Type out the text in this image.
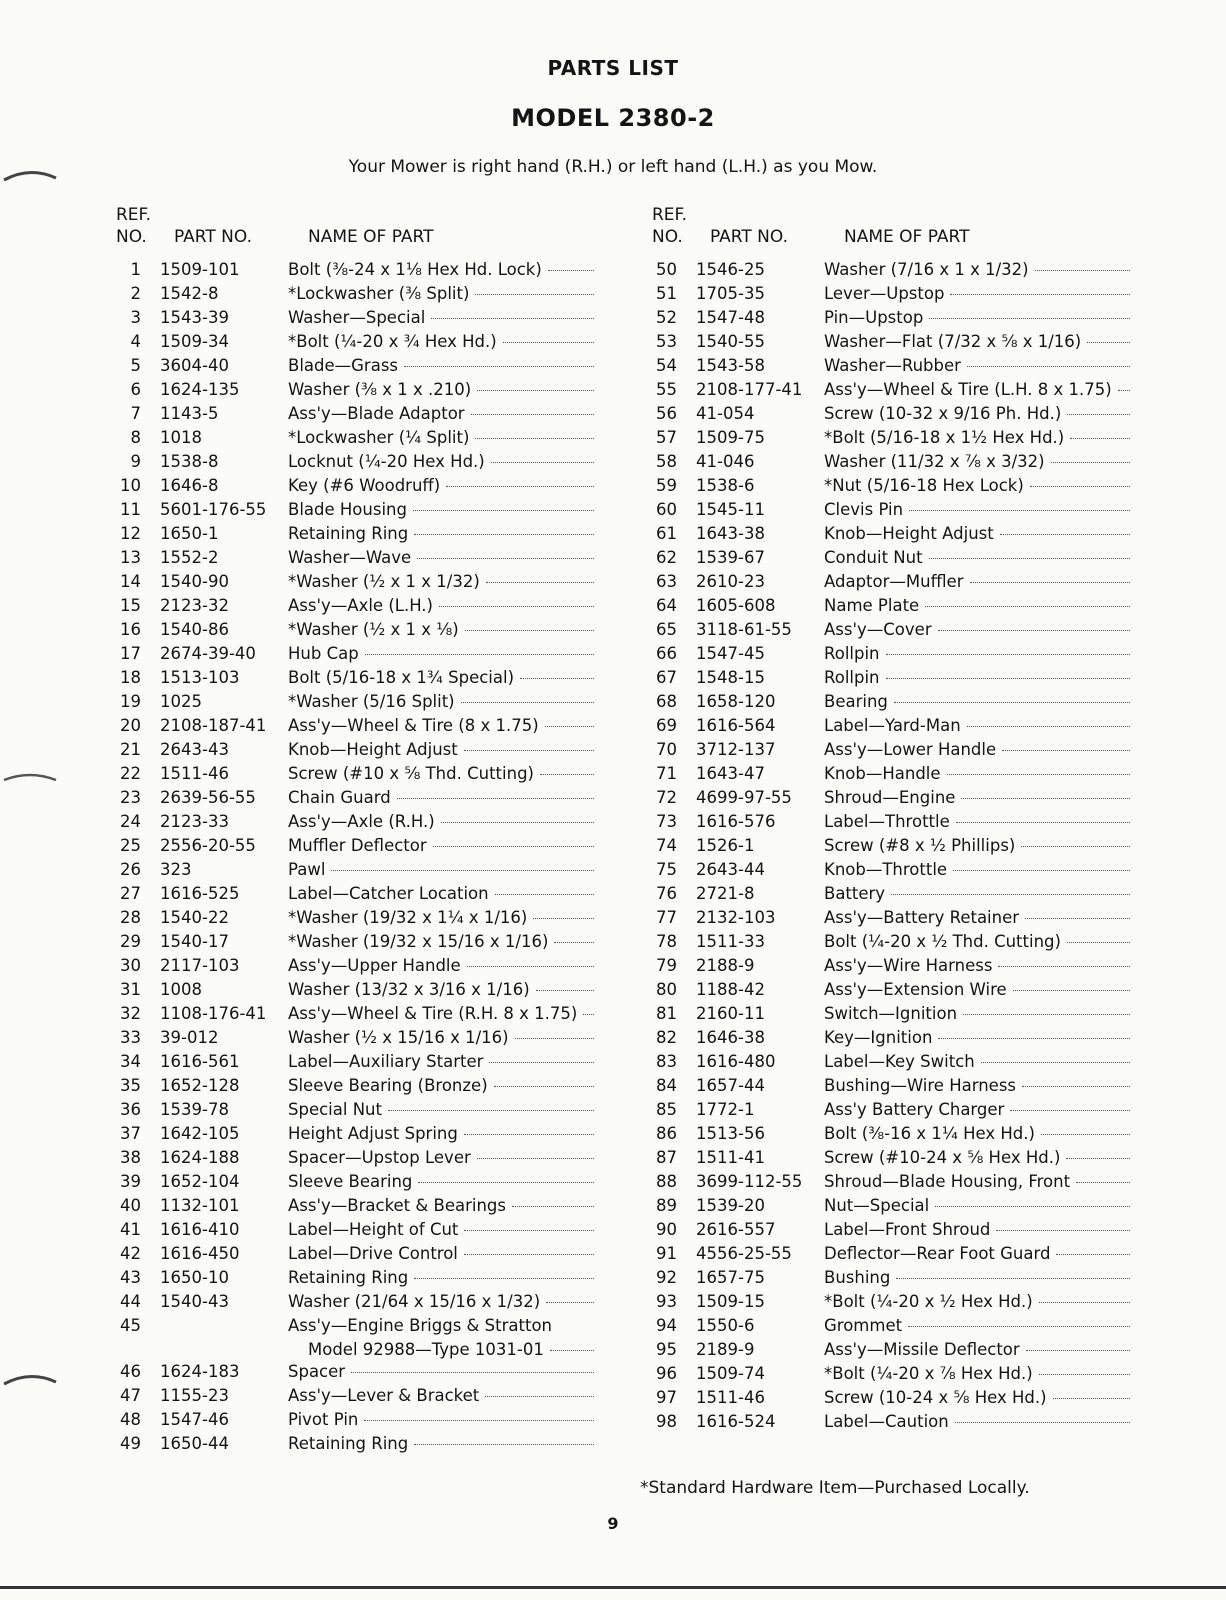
PARTS LIST
MODEL 2380-2

Your Mower is right hand (R.H.) or left hand (L.H.) as you Mow.

REF. NO.	PART NO.	NAME OF PART
1 1509-101	Bolt (⅜-24 x 1⅛ Hex Hd. Lock)
2 1542-8	*Lockwasher (⅜ Split)
3 1543-39	Washer—Special
4 1509-34	*Bolt (¼-20 x ¾ Hex Hd.)
5 3604-40	Blade—Grass
6 1624-135	Washer (⅜ x 1 x .210)
7 1143-5	Ass'y—Blade Adaptor
8 1018	*Lockwasher (¼ Split)
9 1538-8	Locknut (¼-20 Hex Hd.)
10 1646-8	Key (#6 Woodruff)
11 5601-176-55 Blade Housing
12 1650-1	Retaining Ring
13 1552-2	Washer—Wave
14 1540-90	*Washer (½ x 1 x 1/32)
15 2123-32	Ass'y—Axle (L.H.)
16 1540-86	*Washer (½ x 1 x ⅛)
17 2674-39-40 Hub Cap
18 1513-103	Bolt (5/16-18 x 1¾ Special)
19 1025	*Washer (5/16 Split)
20 2108-187-41 Ass'y—Wheel & Tire (8 x 1.75)
21 2643-43	Knob—Height Adjust
22 1511-46	Screw (#10 x ⅝ Thd. Cutting)
23 2639-56-55 Chain Guard
24 2123-33	Ass'y—Axle (R.H.)
25 2556-20-55 Muffler Deflector
26 323	Pawl
27 1616-525	Label—Catcher Location
28 1540-22	*Washer (19/32 x 1¼ x 1/16)
29 1540-17	*Washer (19/32 x 15/16 x 1/16)
30 2117-103	Ass'y—Upper Handle
31 1008	Washer (13/32 x 3/16 x 1/16)
32 1108-176-41 Ass'y—Wheel & Tire (R.H. 8 x 1.75)
33 39-012	Washer (½ x 15/16 x 1/16)
34 1616-561	Label—Auxiliary Starter
35 1652-128	Sleeve Bearing (Bronze)
36 1539-78	Special Nut
37 1642-105	Height Adjust Spring
38 1624-188	Spacer—Upstop Lever
39 1652-104	Sleeve Bearing
40 1132-101	Ass'y—Bracket & Bearings
41 1616-410	Label—Height of Cut
42 1616-450	Label—Drive Control
43 1650-10	Retaining Ring
44 1540-43	Washer (21/64 x 15/16 x 1/32)
45	Ass'y—Engine Briggs & Stratton
Model 92988—Type 1031-01
46 1624-183	Spacer
47 1155-23	Ass'y—Lever & Bracket
48 1547-46	Pivot Pin
49 1650-44	Retaining Ring
REF. NO.	PART NO.	NAME OF PART
50 1546-25	Washer (7/16 x 1 x 1/32)
51 1705-35	Lever—Upstop
52 1547-48	Pin—Upstop
53 1540-55	Washer—Flat (7/32 x ⅝ x 1/16)
54 1543-58	Washer—Rubber
55 2108-177-41 Ass'y—Wheel & Tire (L.H. 8 x 1.75)
56 41-054	Screw (10-32 x 9/16 Ph. Hd.)
57 1509-75	*Bolt (5/16-18 x 1½ Hex Hd.)
58 41-046	Washer (11/32 x ⅞ x 3/32)
59 1538-6	*Nut (5/16-18 Hex Lock)
60 1545-11	Clevis Pin
61 1643-38	Knob—Height Adjust
62 1539-67	Conduit Nut
63 2610-23	Adaptor—Muffler
64 1605-608	Name Plate
65 3118-61-55 Ass'y—Cover
66 1547-45	Rollpin
67 1548-15	Rollpin
68 1658-120	Bearing
69 1616-564	Label—Yard-Man
70 3712-137	Ass'y—Lower Handle
71 1643-47	Knob—Handle
72 4699-97-55 Shroud—Engine
73 1616-576	Label—Throttle
74 1526-1	Screw (#8 x ½ Phillips)
75 2643-44	Knob—Throttle
76 2721-8	Battery
77 2132-103	Ass'y—Battery Retainer
78 1511-33	Bolt (¼-20 x ½ Thd. Cutting)
79 2188-9	Ass'y—Wire Harness
80 1188-42	Ass'y—Extension Wire
81 2160-11	Switch—Ignition
82 1646-38	Key—Ignition
83 1616-480	Label—Key Switch
84 1657-44	Bushing—Wire Harness
85 1772-1	Ass'y Battery Charger
86 1513-56	Bolt (⅜-16 x 1¼ Hex Hd.)
87 1511-41	Screw (#10-24 x ⅝ Hex Hd.)
88 3699-112-55 Shroud—Blade Housing, Front
89 1539-20	Nut—Special
90 2616-557	Label—Front Shroud
91 4556-25-55 Deflector—Rear Foot Guard
92 1657-75	Bushing
93 1509-15	*Bolt (¼-20 x ½ Hex Hd.)
94 1550-6	Grommet
95 2189-9	Ass'y—Missile Deflector
96 1509-74	*Bolt (¼-20 x ⅞ Hex Hd.)
97 1511-46	Screw (10-24 x ⅝ Hex Hd.)
98 1616-524	Label—Caution

*Standard Hardware Item—Purchased Locally.

9
